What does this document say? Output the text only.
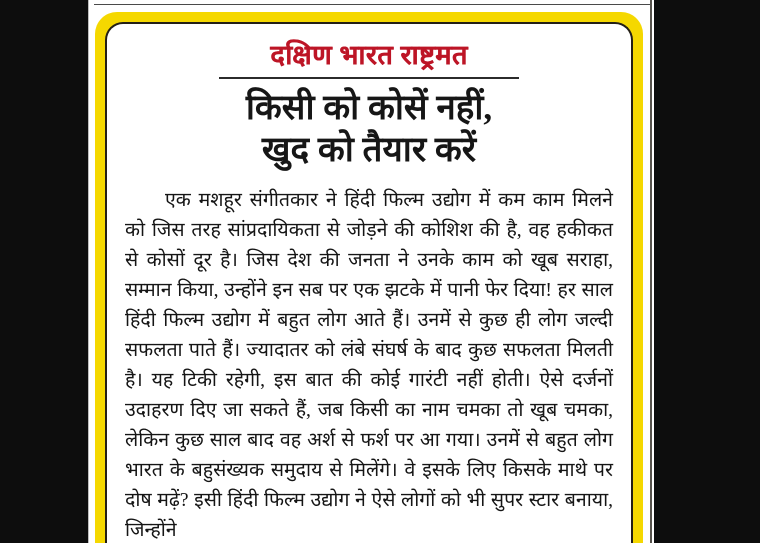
दक्षिण भारत राष्ट्रमत
किसी को कोसें नहीं,
खुद को तैयार करें

एक मशहूर संगीतकार ने हिंदी फिल्म उद्योग में कम काम मिलने को जिस तरह सांप्रदायिकता से जोड़ने की कोशिश की है, वह हकीकत से कोसों दूर है। जिस देश की जनता ने उनके काम को खूब सराहा, सम्मान किया, उन्होंने इन सब पर एक झटके में पानी फेर दिया! हर साल हिंदी फिल्म उद्योग में बहुत लोग आते हैं। उनमें से कुछ ही लोग जल्दी सफलता पाते हैं। ज्यादातर को लंबे संघर्ष के बाद कुछ सफलता मिलती है। यह टिकी रहेगी, इस बात की कोई गारंटी नहीं होती। ऐसे दर्जनों उदाहरण दिए जा सकते हैं, जब किसी का नाम चमका तो खूब चमका, लेकिन कुछ साल बाद वह अर्श से फर्श पर आ गया। उनमें से बहुत लोग भारत के बहुसंख्यक समुदाय से मिलेंगे। वे इसके लिए किसके माथे पर दोष मढ़ें? इसी हिंदी फिल्म उद्योग ने ऐसे लोगों को भी सुपर स्टार बनाया, जिन्होंने
